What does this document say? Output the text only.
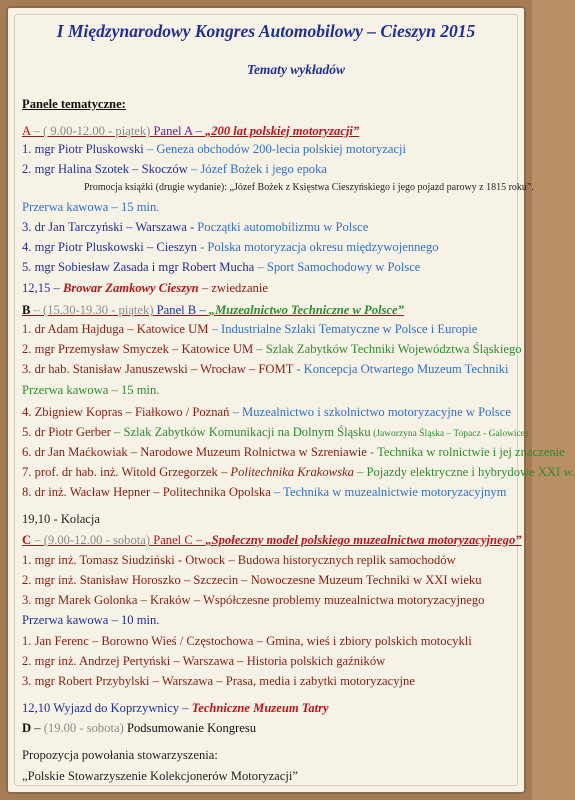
I Międzynarodowy Kongres Automobilowy – Cieszyn 2015
Tematy wykładów
Panele tematyczne:
A – ( 9.00-12.00 - piątek) Panel A – „200 lat polskiej motoryzacji”
1. mgr Piotr Pluskowski – Geneza obchodów 200-lecia polskiej motoryzacji
2. mgr Halina Szotek – Skoczów – Józef Bożek i jego epoka
Promocja książki (drugie wydanie): „Józef Bożek z Księstwa Cieszyńskiego i jego pojazd parowy z 1815 roku”.
Przerwa kawowa – 15 min.
3. dr Jan Tarczyński – Warszawa - Początki automobilizmu w Polsce
4. mgr Piotr Pluskowski – Cieszyn - Polska motoryzacja okresu międzywojennego
5. mgr Sobiesław Zasada i mgr Robert Mucha – Sport Samochodowy w Polsce
12,15 – Browar Zamkowy Cieszyn – zwiedzanie
B – (15.30-19.30 - piątek) Panel B – „Muzealnictwo Techniczne w Polsce”
1. dr Adam Hajduga – Katowice UM – Industrialne Szlaki Tematyczne w Polsce i Europie
2. mgr Przemysław Smyczek – Katowice UM – Szlak Zabytków Techniki Województwa Śląskiego
3. dr hab. Stanisław Januszewski – Wrocław – FOMT - Koncepcja Otwartego Muzeum Techniki
Przerwa kawowa – 15 min.
4. Zbigniew Kopras – Fiałkowo / Poznań – Muzealnictwo i szkolnictwo motoryzacyjne w Polsce
5. dr Piotr Gerber – Szlak Zabytków Komunikacji na Dolnym Śląsku (Jaworzyna Śląska – Topacz - Galowice)
6. dr Jan Maćkowiak – Narodowe Muzeum Rolnictwa w Szreniawie - Technika w rolnictwie i jej znaczenie
7. prof. dr hab. inż. Witold Grzegorzek – Politechnika Krakowska – Pojazdy elektryczne i hybrydowe XXI w.
8. dr inż. Wacław Hepner – Politechnika Opolska – Technika w muzealnictwie motoryzacyjnym
19,10 - Kolacja
C – (9.00-12.00 - sobota) Panel C – „Społeczny model polskiego muzealnictwa motoryzacyjnego”
1. mgr inż. Tomasz Siudziński - Otwock – Budowa historycznych replik samochodów
2. mgr inż. Stanisław Horoszko – Szczecin – Nowoczesne Muzeum Techniki w XXI wieku
3. mgr Marek Golonka – Kraków – Współczesne problemy muzealnictwa motoryzacyjnego
Przerwa kawowa – 10 min.
1. Jan Ferenc – Borowno Wieś / Częstochowa – Gmina, wieś i zbiory polskich motocykli
2. mgr inż. Andrzej Pertyński – Warszawa – Historia polskich gaźników
3. mgr Robert Przybylski – Warszawa – Prasa, media i zabytki motoryzacyjne
12,10 Wyjazd do Koprzywnicy – Techniczne Muzeum Tatry
D – (19.00 - sobota) Podsumowanie Kongresu
Propozycja powołania stowarzyszenia:
„Polskie Stowarzyszenie Kolekcjonerów Motoryzacji”
